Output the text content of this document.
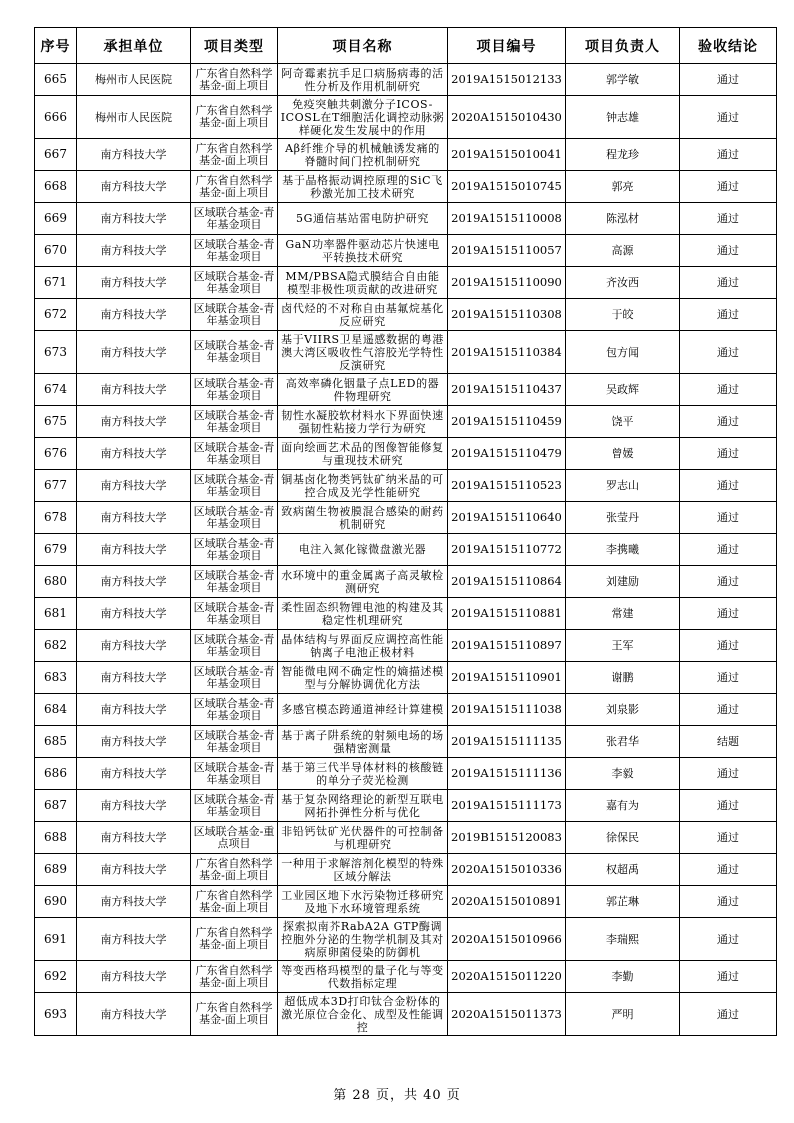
序号	承担单位	项目类型	项目名称	项目编号	项目负责人	验收结论
665	梅州市人民医院	广东省自然科学基金-面上项目	阿奇霉素抗手足口病肠病毒的活性分析及作用机制研究	2019A1515012133	郭学敏	通过
666	梅州市人民医院	广东省自然科学基金-面上项目	免疫突触共刺激分子ICOS-ICOSL在T细胞活化调控动脉粥样硬化发生发展中的作用	2020A1515010430	钟志雄	通过
667	南方科技大学	广东省自然科学基金-面上项目	Aβ纤维介导的机械触诱发痛的脊髓时间门控机制研究	2019A1515010041	程龙珍	通过
668	南方科技大学	广东省自然科学基金-面上项目	基于晶格振动调控原理的SiC飞秒激光加工技术研究	2019A1515010745	郭亮	通过
669	南方科技大学	区域联合基金-青年基金项目	5G通信基站雷电防护研究	2019A1515110008	陈泓材	通过
670	南方科技大学	区域联合基金-青年基金项目	GaN功率器件驱动芯片快速电平转换技术研究	2019A1515110057	高源	通过
671	南方科技大学	区域联合基金-青年基金项目	MM/PBSA隐式膜结合自由能模型非极性项贡献的改进研究	2019A1515110090	齐汝西	通过
672	南方科技大学	区域联合基金-青年基金项目	卤代烃的不对称自由基氟烷基化反应研究	2019A1515110308	于皎	通过
673	南方科技大学	区域联合基金-青年基金项目	基于VIIRS卫星遥感数据的粤港澳大湾区吸收性气溶胶光学特性反演研究	2019A1515110384	包方闻	通过
674	南方科技大学	区域联合基金-青年基金项目	高效率磷化铟量子点LED的器件物理研究	2019A1515110437	吴政辉	通过
675	南方科技大学	区域联合基金-青年基金项目	韧性水凝胶软材料水下界面快速强韧性粘接力学行为研究	2019A1515110459	饶平	通过
676	南方科技大学	区域联合基金-青年基金项目	面向绘画艺术品的图像智能修复与重现技术研究	2019A1515110479	曾媛	通过
677	南方科技大学	区域联合基金-青年基金项目	铜基卤化物类钙钛矿纳米晶的可控合成及光学性能研究	2019A1515110523	罗志山	通过
678	南方科技大学	区域联合基金-青年基金项目	致病菌生物被膜混合感染的耐药机制研究	2019A1515110640	张莹丹	通过
679	南方科技大学	区域联合基金-青年基金项目	电注入氮化镓微盘激光器	2019A1515110772	李携曦	通过
680	南方科技大学	区域联合基金-青年基金项目	水环境中的重金属离子高灵敏检测研究	2019A1515110864	刘建励	通过
681	南方科技大学	区域联合基金-青年基金项目	柔性固态织物锂电池的构建及其稳定性机理研究	2019A1515110881	常建	通过
682	南方科技大学	区域联合基金-青年基金项目	晶体结构与界面反应调控高性能钠离子电池正极材料	2019A1515110897	王军	通过
683	南方科技大学	区域联合基金-青年基金项目	智能微电网不确定性的熵描述模型与分解协调优化方法	2019A1515110901	谢鹏	通过
684	南方科技大学	区域联合基金-青年基金项目	多感官模态跨通道神经计算建模	2019A1515111038	刘泉影	通过
685	南方科技大学	区域联合基金-青年基金项目	基于离子阱系统的射频电场的场强精密测量	2019A1515111135	张君华	结题
686	南方科技大学	区域联合基金-青年基金项目	基于第三代半导体材料的核酸链的单分子荧光检测	2019A1515111136	李毅	通过
687	南方科技大学	区域联合基金-青年基金项目	基于复杂网络理论的新型互联电网拓扑弹性分析与优化	2019A1515111173	嘉有为	通过
688	南方科技大学	区域联合基金-重点项目	非铅钙钛矿光伏器件的可控制备与机理研究	2019B1515120083	徐保民	通过
689	南方科技大学	广东省自然科学基金-面上项目	一种用于求解溶剂化模型的特殊区域分解法	2020A1515010336	权超禹	通过
690	南方科技大学	广东省自然科学基金-面上项目	工业园区地下水污染物迁移研究及地下水环境管理系统	2020A1515010891	郭芷琳	通过
691	南方科技大学	广东省自然科学基金-面上项目	探索拟南芥RabA2A GTP酶调控胞外分泌的生物学机制及其对病原卵菌侵染的防御机	2020A1515010966	李瑞熙	通过
692	南方科技大学	广东省自然科学基金-面上项目	等变西格玛模型的量子化与等变代数指标定理	2020A1515011220	李勤	通过
693	南方科技大学	广东省自然科学基金-面上项目	超低成本3D打印钛合金粉体的激光原位合金化、成型及性能调控	2020A1515011373	严明	通过
第 28 页，共 40 页
